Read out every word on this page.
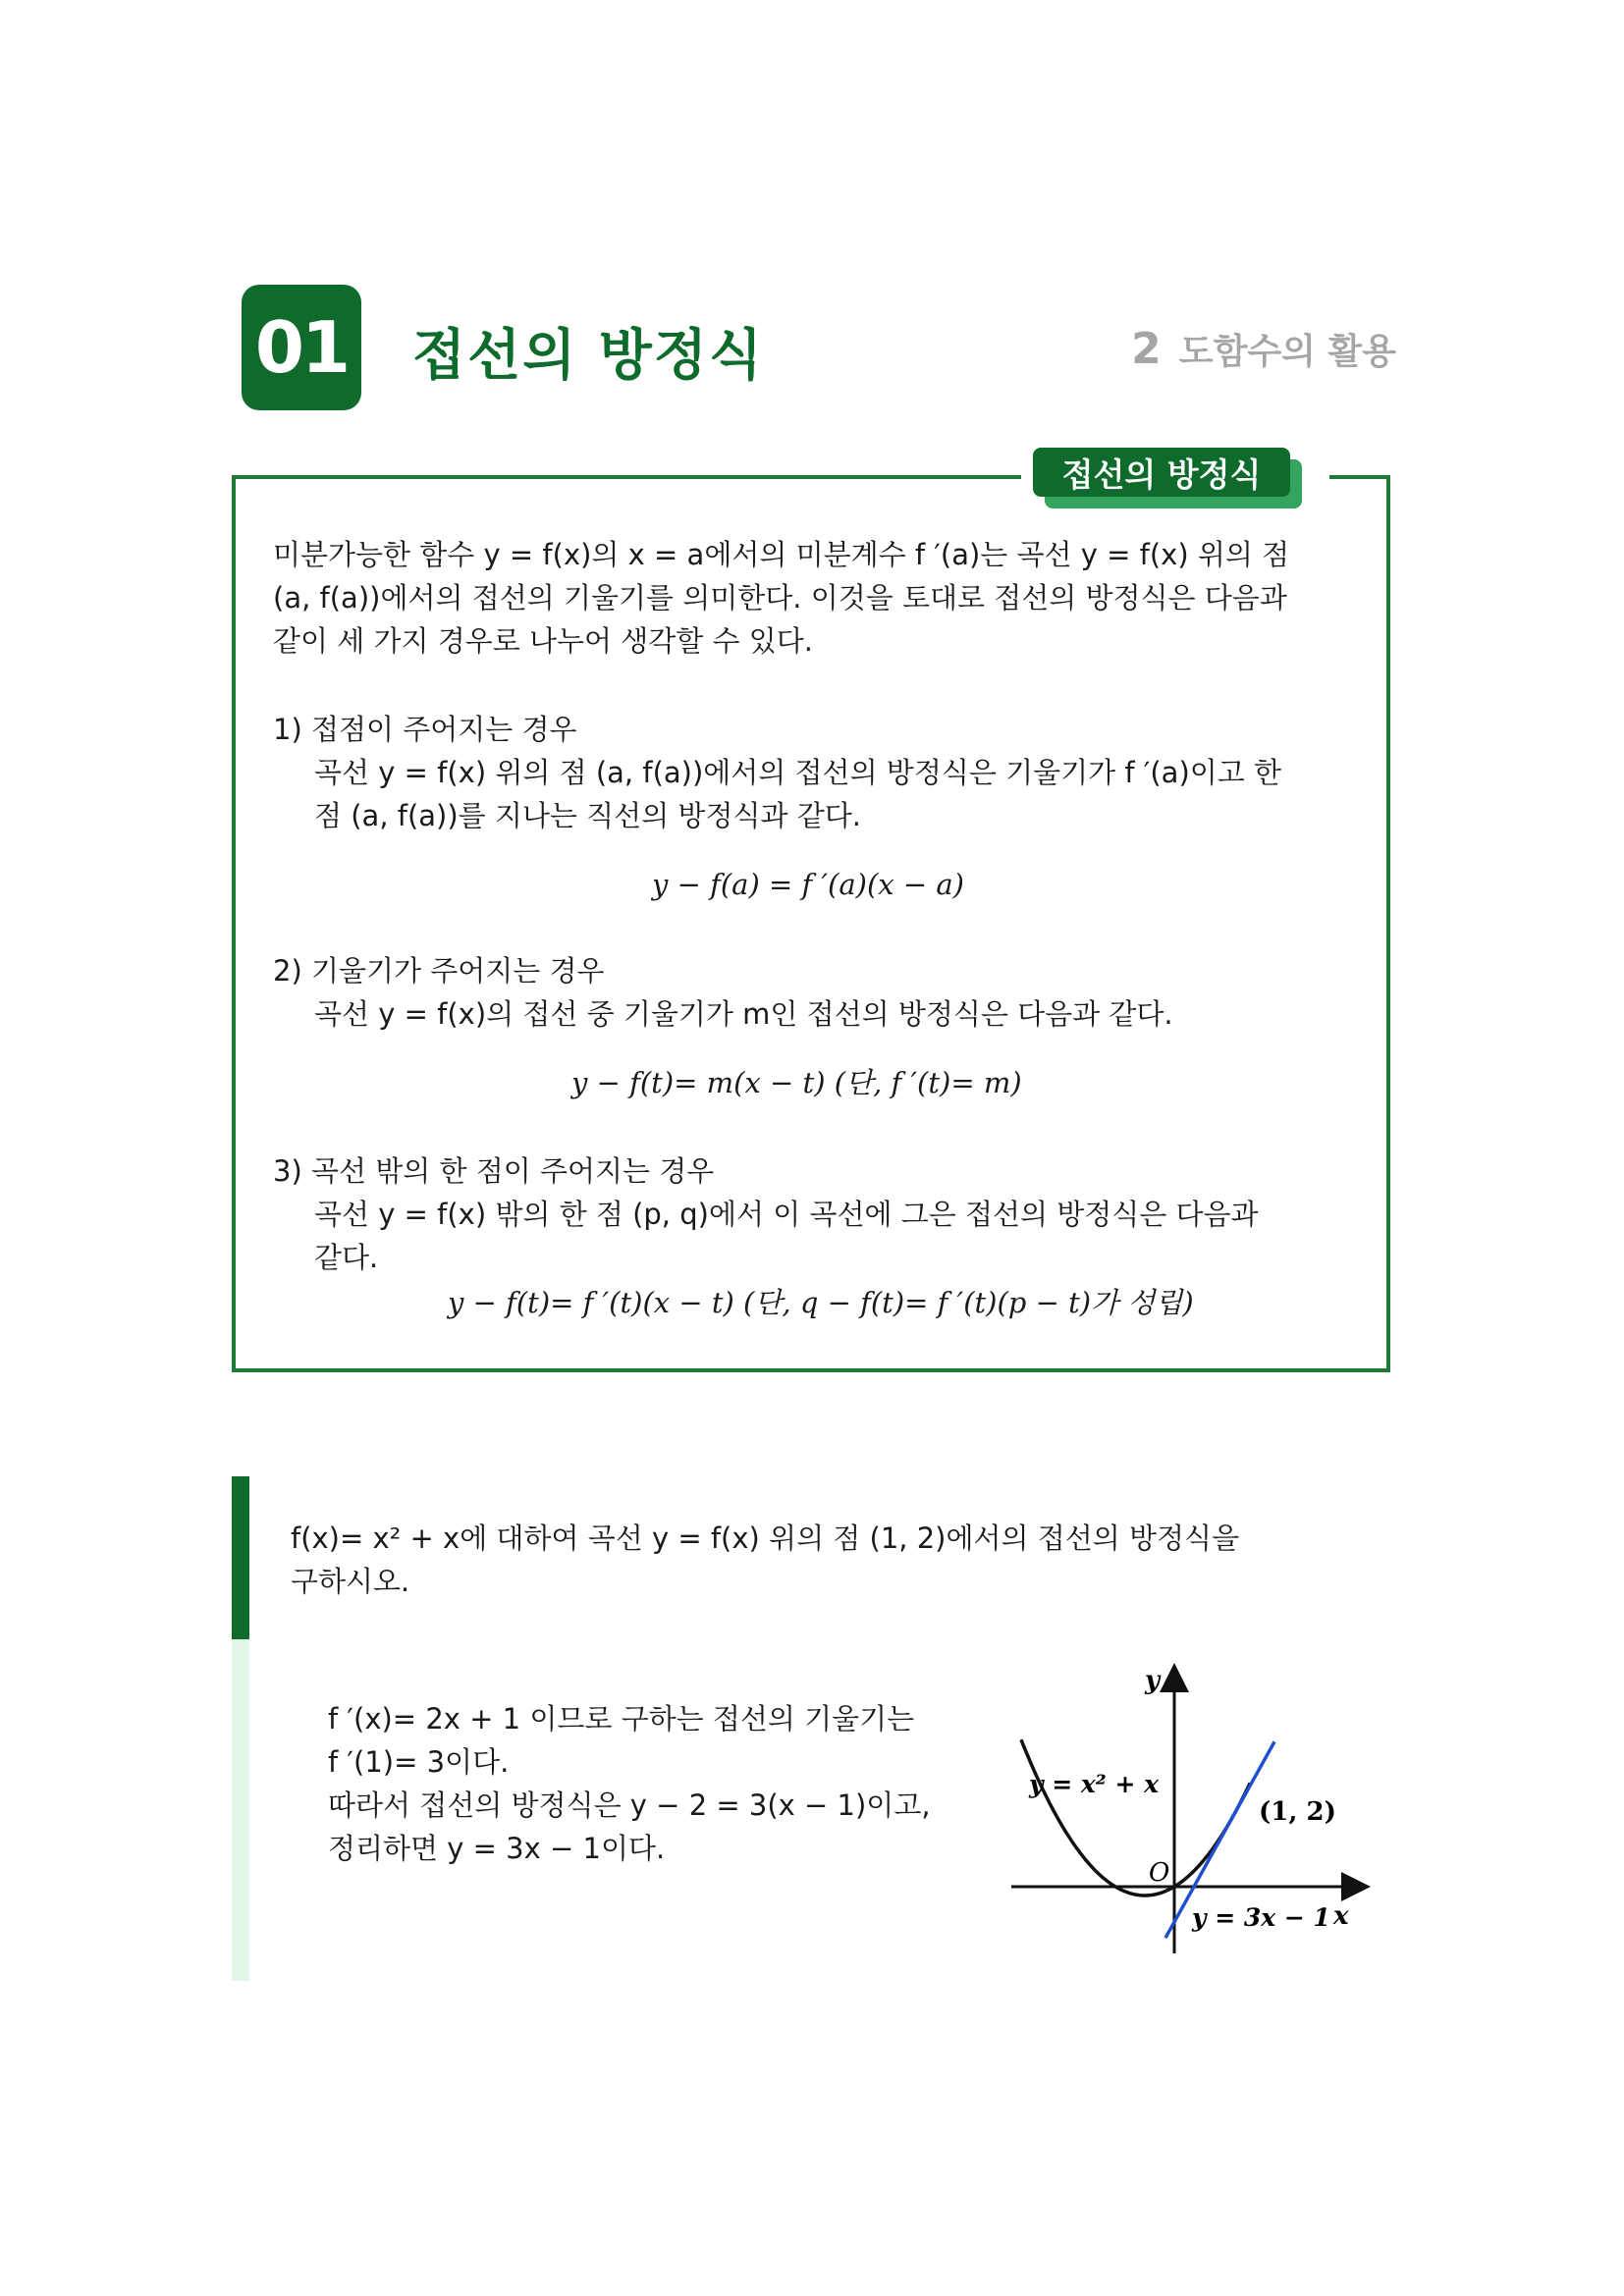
01 접선의 방정식	2 도함수의 활용
접선의 방정식
미분가능한 함수 y = f(x)의 x = a에서의 미분계수 f ′(a)는 곡선 y = f(x) 위의 점
(a, f(a))에서의 접선의 기울기를 의미한다. 이것을 토대로 접선의 방정식은 다음과
같이 세 가지 경우로 나누어 생각할 수 있다.
1) 접점이 주어지는 경우
곡선 y = f(x) 위의 점 (a, f(a))에서의 접선의 방정식은 기울기가 f ′(a)이고 한
점 (a, f(a))를 지나는 직선의 방정식과 같다.
y − f(a) = f ′(a)(x − a)
2) 기울기가 주어지는 경우
곡선 y = f(x)의 접선 중 기울기가 m인 접선의 방정식은 다음과 같다.
y − f(t)= m(x − t) (단, f ′(t)= m)
3) 곡선 밖의 한 점이 주어지는 경우
곡선 y = f(x) 밖의 한 점 (p, q)에서 이 곡선에 그은 접선의 방정식은 다음과
같다.
y − f(t)= f ′(t)(x − t) (단, q − f(t)= f ′(t)(p − t)가 성립)
f(x)= x² + x에 대하여 곡선 y = f(x) 위의 점 (1, 2)에서의 접선의 방정식을
구하시오.
f ′(x)= 2x + 1 이므로 구하는 접선의 기울기는
f ′(1)= 3이다.
따라서 접선의 방정식은 y − 2 = 3(x − 1)이고,
정리하면 y = 3x − 1이다.
y
x
O
y = x² + x
(1, 2)
y = 3x − 1
